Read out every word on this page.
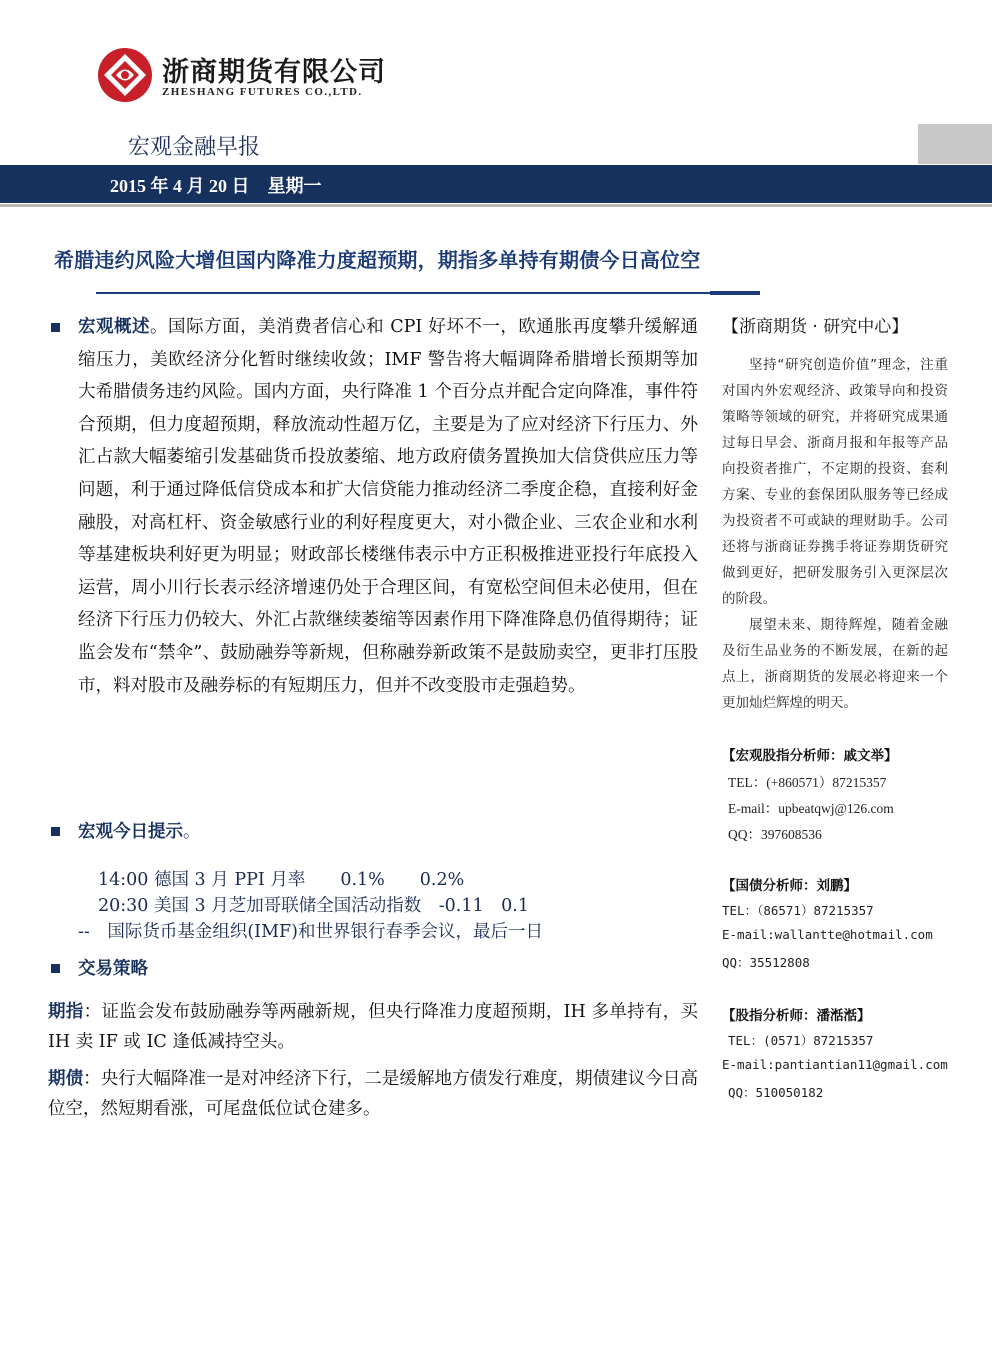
浙商期货有限公司
ZHESHANG FUTURES CO.,LTD.
宏观金融早报
2015 年 4 月 20 日　星期一
希腊违约风险大增但国内降准力度超预期，期指多单持有期债今日高位空
宏观概述。国际方面，美消费者信心和 CPI 好坏不一，欧通胀再度攀升缓解通缩压力，美欧经济分化暂时继续收敛；IMF 警告将大幅调降希腊增长预期等加大希腊债务违约风险。国内方面，央行降准 1 个百分点并配合定向降准，事件符合预期，但力度超预期，释放流动性超万亿，主要是为了应对经济下行压力、外汇占款大幅萎缩引发基础货币投放萎缩、地方政府债务置换加大信贷供应压力等问题，利于通过降低信贷成本和扩大信贷能力推动经济二季度企稳，直接利好金融股，对高杠杆、资金敏感行业的利好程度更大，对小微企业、三农企业和水利等基建板块利好更为明显；财政部长楼继伟表示中方正积极推进亚投行年底投入运营，周小川行长表示经济增速仍处于合理区间，有宽松空间但未必使用，但在经济下行压力仍较大、外汇占款继续萎缩等因素作用下降准降息仍值得期待；证监会发布“禁伞”、鼓励融券等新规，但称融券新政策不是鼓励卖空，更非打压股市，料对股市及融券标的有短期压力，但并不改变股市走强趋势。
宏观今日提示。
14:00 德国 3 月 PPI 月率　　0.1%　　0.2%
20:30 美国 3 月芝加哥联储全国活动指数　-0.11　0.1
--　国际货币基金组织(IMF)和世界银行春季会议，最后一日
交易策略
期指：证监会发布鼓励融券等两融新规，但央行降准力度超预期，IH 多单持有，买 IH 卖 IF 或 IC 逢低减持空头。
期债：央行大幅降准一是对冲经济下行，二是缓解地方债发行难度，期债建议今日高位空，然短期看涨，可尾盘低位试仓建多。
【浙商期货 · 研究中心】
坚持“研究创造价值”理念，注重对国内外宏观经济、政策导向和投资策略等领域的研究，并将研究成果通过每日早会、浙商月报和年报等产品向投资者推广，不定期的投资、套利方案、专业的套保团队服务等已经成为投资者不可或缺的理财助手。公司还将与浙商证券携手将证券期货研究做到更好，把研发服务引入更深层次的阶段。
展望未来、期待辉煌，随着金融及衍生品业务的不断发展，在新的起点上，浙商期货的发展必将迎来一个更加灿烂辉煌的明天。
【宏观股指分析师：戚文举】
TEL：(+860571）87215357
E-mail：upbeatqwj@126.com
QQ：397608536
【国债分析师：刘鹏】
TEL：（86571）87215357
E-mail:wallantte@hotmail.com
QQ：35512808
【股指分析师：潘湉湉】
TEL：(0571）87215357
E-mail:pantiantian11@gmail.com
QQ：510050182
